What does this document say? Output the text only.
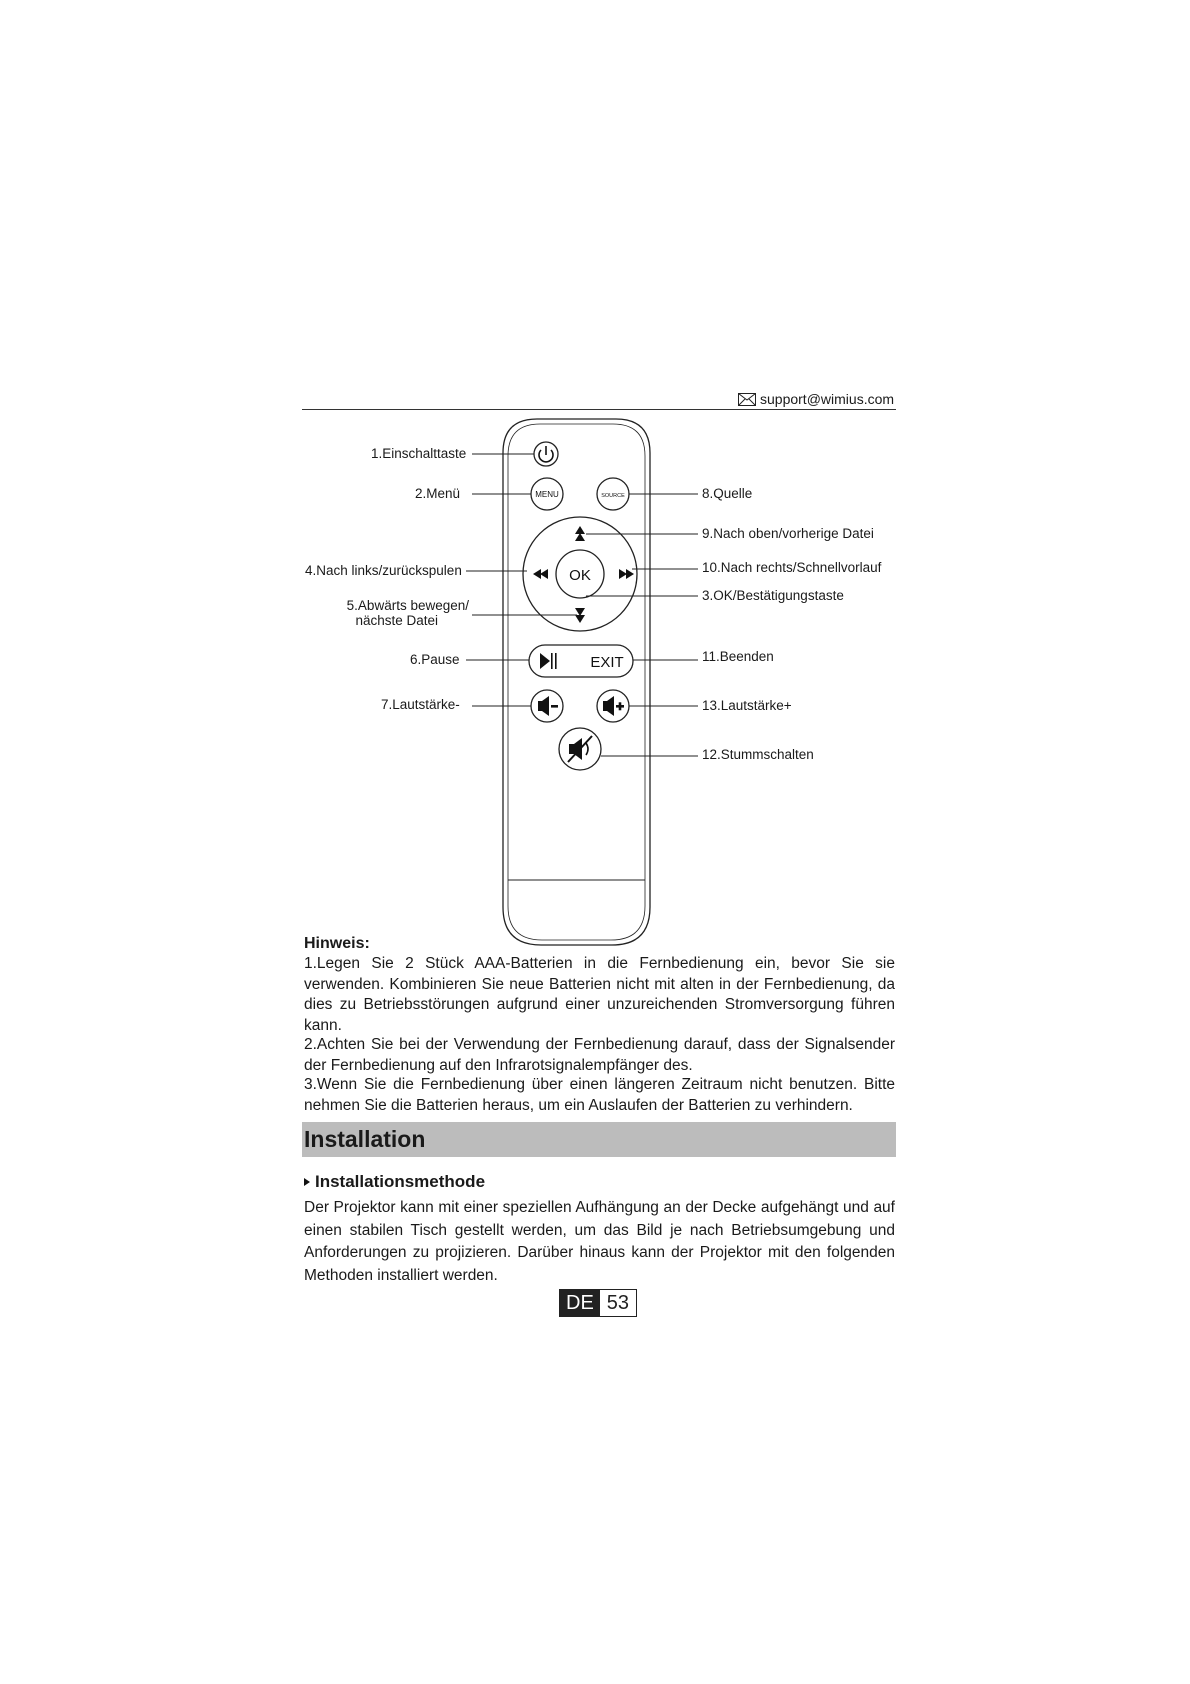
support@wimius.com
MENU	SOURCE
OK
EXIT
1.Einschalttaste
2.Menü
4.Nach links/zurückspulen
5.Abwärts bewegen/
nächste Datei
6.Pause
7.Lautstärke-
8.Quelle
9.Nach oben/vorherige Datei
10.Nach rechts/Schnellvorlauf
3.OK/Bestätigungstaste
11.Beenden
13.Lautstärke+
12.Stummschalten
Hinweis:
1.Legen Sie 2 Stück AAA-Batterien in die Fernbedienung ein, bevor Sie sie verwenden. Kombinieren Sie neue Batterien nicht mit alten in der Fernbedienung, da dies zu Betriebsstörungen aufgrund einer unzureichenden Stromversorgung führen kann.
2.Achten Sie bei der Verwendung der Fernbedienung darauf, dass der Signalsender der Fernbedienung auf den Infrarotsignalempfänger des.
3.Wenn Sie die Fernbedienung über einen längeren Zeitraum nicht benutzen. Bitte nehmen Sie die Batterien heraus, um ein Auslaufen der Batterien zu verhindern.
Installation
Installationsmethode
Der Projektor kann mit einer speziellen Aufhängung an der Decke aufgehängt und auf einen stabilen Tisch gestellt werden, um das Bild je nach Betriebsumgebung und Anforderungen zu projizieren. Darüber hinaus kann der Projektor mit den folgenden Methoden installiert werden.
DE 53
